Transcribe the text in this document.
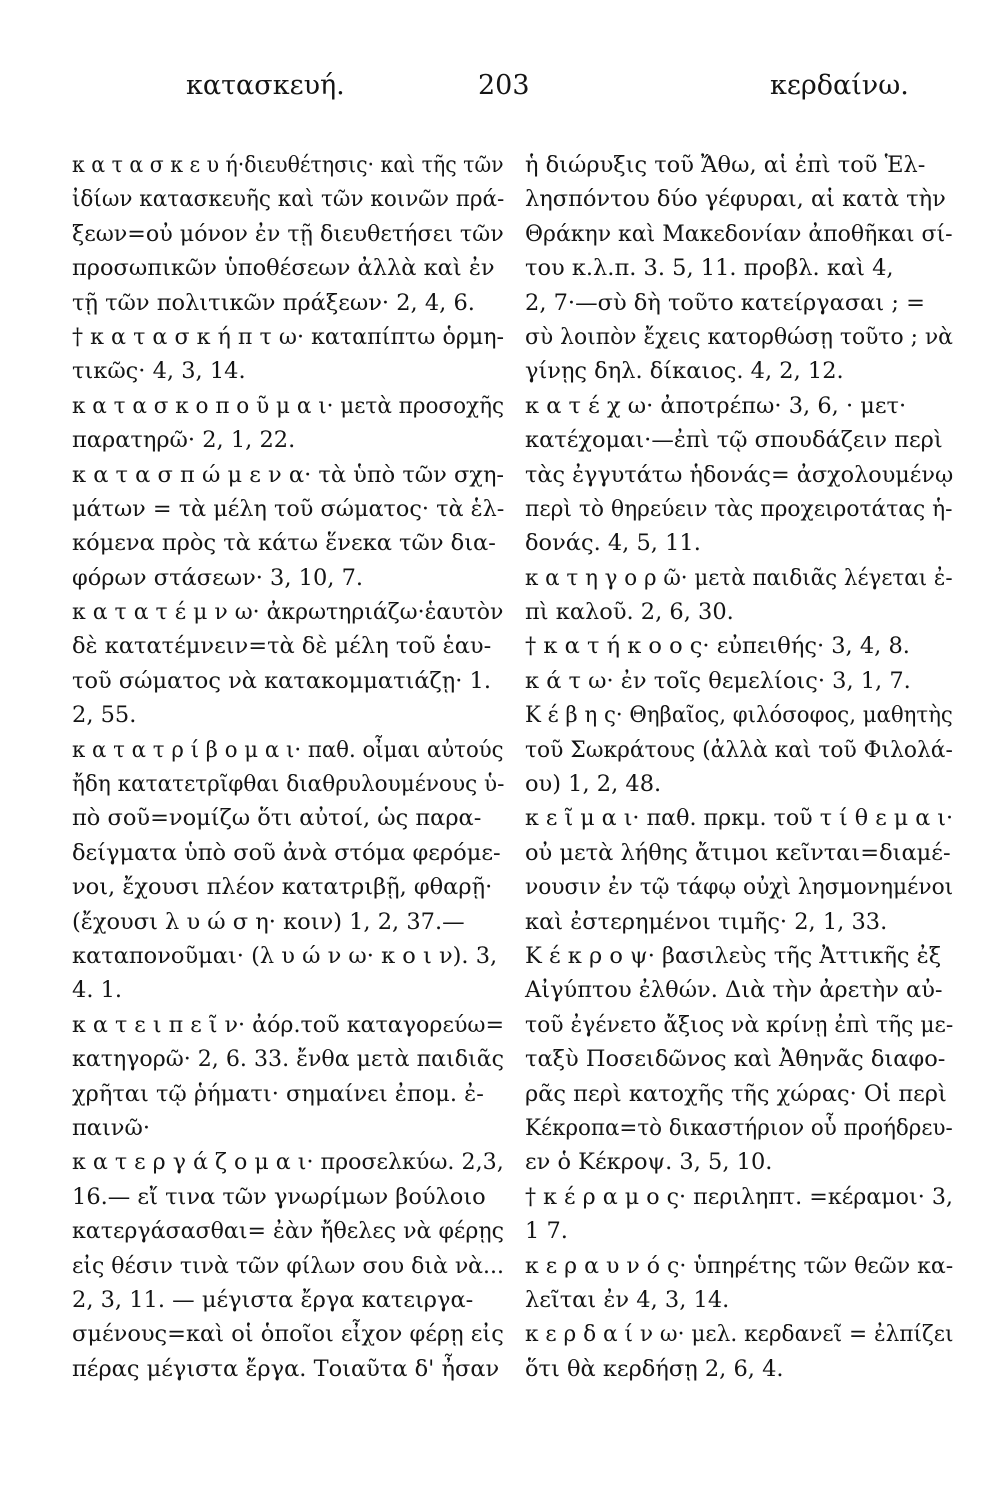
κατασκευή.	203	κερδαίνω.
κ α τ α σ κ ε υ ή·διευθέτησις· καὶ τῆς τῶν
ἰδίων κατασκευῆς καὶ τῶν κοινῶν πρά-
ξεων=οὐ μόνον ἐν τῇ διευθετήσει τῶν
προσωπικῶν ὑποθέσεων ἀλλὰ καὶ ἐν
τῇ τῶν πολιτικῶν πράξεων· 2, 4, 6.
† κ α τ α σ κ ή π τ ω· καταπίπτω ὁρμη-
τικῶς· 4, 3, 14.
κ α τ α σ κ ο π ο ῦ μ α ι· μετὰ προσοχῆς
παρατηρῶ· 2, 1, 22.
κ α τ α σ π ώ μ ε ν α· τὰ ὑπὸ τῶν σχη-
μάτων = τὰ μέλη τοῦ σώματος· τὰ ἑλ-
κόμενα πρὸς τὰ κάτω ἕνεκα τῶν δια-
φόρων στάσεων· 3, 10, 7.
κ α τ α τ έ μ ν ω· ἀκρωτηριάζω·ἑαυτὸν
δὲ κατατέμνειν=τὰ δὲ μέλη τοῦ ἑαυ-
τοῦ σώματος νὰ κατακομματιάζῃ· 1.
2, 55.
κ α τ α τ ρ ί β ο μ α ι· παθ. οἶμαι αὐτούς
ἤδη κατατετρῖφθαι διαθρυλουμένους ὑ-
πὸ σοῦ=νομίζω ὅτι αὐτοί, ὡς παρα-
δείγματα ὑπὸ σοῦ ἀνὰ στόμα φερόμε-
νοι, ἔχουσι πλέον κατατριβῇ, φθαρῇ·
(ἔχουσι λ υ ώ σ η· κοιν) 1, 2, 37.—
καταπονοῦμαι· (λ υ ώ ν ω· κ ο ι ν). 3,
4. 1.
κ α τ ε ι π ε ῖ ν· ἀόρ.τοῦ καταγορεύω=
κατηγορῶ· 2, 6. 33. ἔνθα μετὰ παιδιᾶς
χρῆται τῷ ῥήματι· σημαίνει ἐπομ. ἐ-
παινῶ·
κ α τ ε ρ γ ά ζ ο μ α ι· προσελκύω. 2,3,
16.— εἴ τινα τῶν γνωρίμων βούλοιο
κατεργάσασθαι= ἐὰν ἤθελες νὰ φέρῃς
εἰς θέσιν τινὰ τῶν φίλων σου διὰ νὰ...
2, 3, 11. — μέγιστα ἔργα κατειργα-
σμένους=καὶ οἱ ὁποῖοι εἶχον φέρῃ εἰς
πέρας μέγιστα ἔργα. Τοιαῦτα δ' ἦσαν
ἡ διώρυξις τοῦ Ἄθω, αἱ ἐπὶ τοῦ Ἑλ-
λησπόντου δύο γέφυραι, αἱ κατὰ τὴν
Θράκην καὶ Μακεδονίαν ἀποθῆκαι σί-
του κ.λ.π. 3. 5, 11. προβλ. καὶ 4,
2, 7·—σὺ δὴ τοῦτο κατείργασαι ; =
σὺ λοιπὸν ἔχεις κατορθώσῃ τοῦτο ; νὰ
γίνῃς δηλ. δίκαιος. 4, 2, 12.
κ α τ έ χ ω· ἀποτρέπω· 3, 6, · μετ·
κατέχομαι·—ἐπὶ τῷ σπουδάζειν περὶ
τὰς ἐγγυτάτω ἡδονάς= ἀσχολουμένῳ
περὶ τὸ θηρεύειν τὰς προχειροτάτας ἡ-
δονάς. 4, 5, 11.
κ α τ η γ ο ρ ῶ· μετὰ παιδιᾶς λέγεται ἐ-
πὶ καλοῦ. 2, 6, 30.
† κ α τ ή κ ο ο ς· εὐπειθής· 3, 4, 8.
κ ά τ ω· ἐν τοῖς θεμελίοις· 3, 1, 7.
Κ έ β η ς· Θηβαῖος, φιλόσοφος, μαθητὴς
τοῦ Σωκράτους (ἀλλὰ καὶ τοῦ Φιλολά-
ου) 1, 2, 48.
κ ε ῖ μ α ι· παθ. πρκμ. τοῦ τ ί θ ε μ α ι·
οὐ μετὰ λήθης ἄτιμοι κεῖνται=διαμέ-
νουσιν ἐν τῷ τάφῳ οὐχὶ λησμονημένοι
καὶ ἐστερημένοι τιμῆς· 2, 1, 33.
Κ έ κ ρ ο ψ· βασιλεὺς τῆς Ἀττικῆς ἐξ
Αἰγύπτου ἐλθών. Διὰ τὴν ἀρετὴν αὐ-
τοῦ ἐγένετο ἄξιος νὰ κρίνῃ ἐπὶ τῆς με-
ταξὺ Ποσειδῶνος καὶ Ἀθηνᾶς διαφο-
ρᾶς περὶ κατοχῆς τῆς χώρας· Οἱ περὶ
Κέκροπα=τὸ δικαστήριον οὗ προήδρευ-
εν ὁ Κέκροψ. 3, 5, 10.
† κ έ ρ α μ ο ς· περιληπτ. =κέραμοι· 3,
1 7.
κ ε ρ α υ ν ό ς· ὑπηρέτης τῶν θεῶν κα-
λεῖται ἐν 4, 3, 14.
κ ε ρ δ α ί ν ω· μελ. κερδανεῖ = ἐλπίζει
ὅτι θὰ κερδήσῃ 2, 6, 4.
